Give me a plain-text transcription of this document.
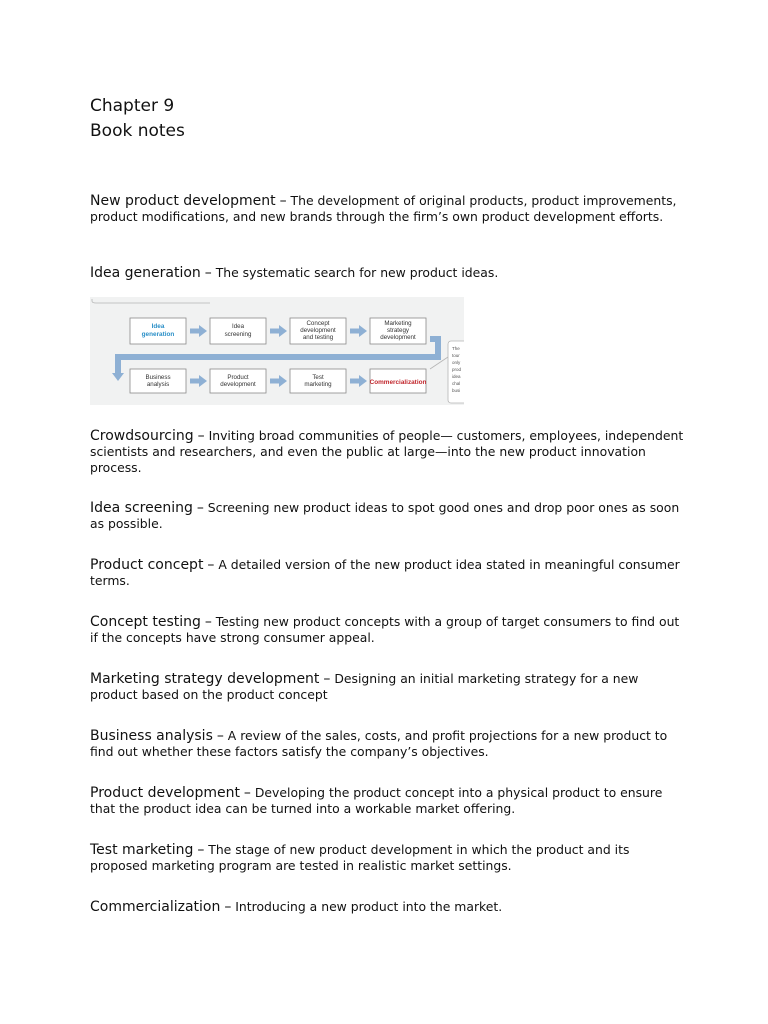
Chapter 9
Book notes
New product development – The development of original products, product improvements, product modifications, and new brands through the firm’s own product development efforts.
Idea generation – The systematic search for new product ideas.
Idea
generation
Idea
screening
Concept
development
and testing
Marketing
strategy
development
Business
analysis
Product
development
Test
marketing	Commercialization
The
tour
only
prod
idea
chal
busi
Crowdsourcing – Inviting broad communities of people— customers, employees, independent scientists and researchers, and even the public at large—into the new product innovation process.
Idea screening – Screening new product ideas to spot good ones and drop poor ones as soon as possible.
Product concept – A detailed version of the new product idea stated in meaningful consumer terms.
Concept testing – Testing new product concepts with a group of target consumers to find out if the concepts have strong consumer appeal.
Marketing strategy development – Designing an initial marketing strategy for a new product based on the product concept
Business analysis – A review of the sales, costs, and profit projections for a new product to find out whether these factors satisfy the company’s objectives.
Product development – Developing the product concept into a physical product to ensure that the product idea can be turned into a workable market offering.
Test marketing – The stage of new product development in which the product and its proposed marketing program are tested in realistic market settings.
Commercialization – Introducing a new product into the market.
